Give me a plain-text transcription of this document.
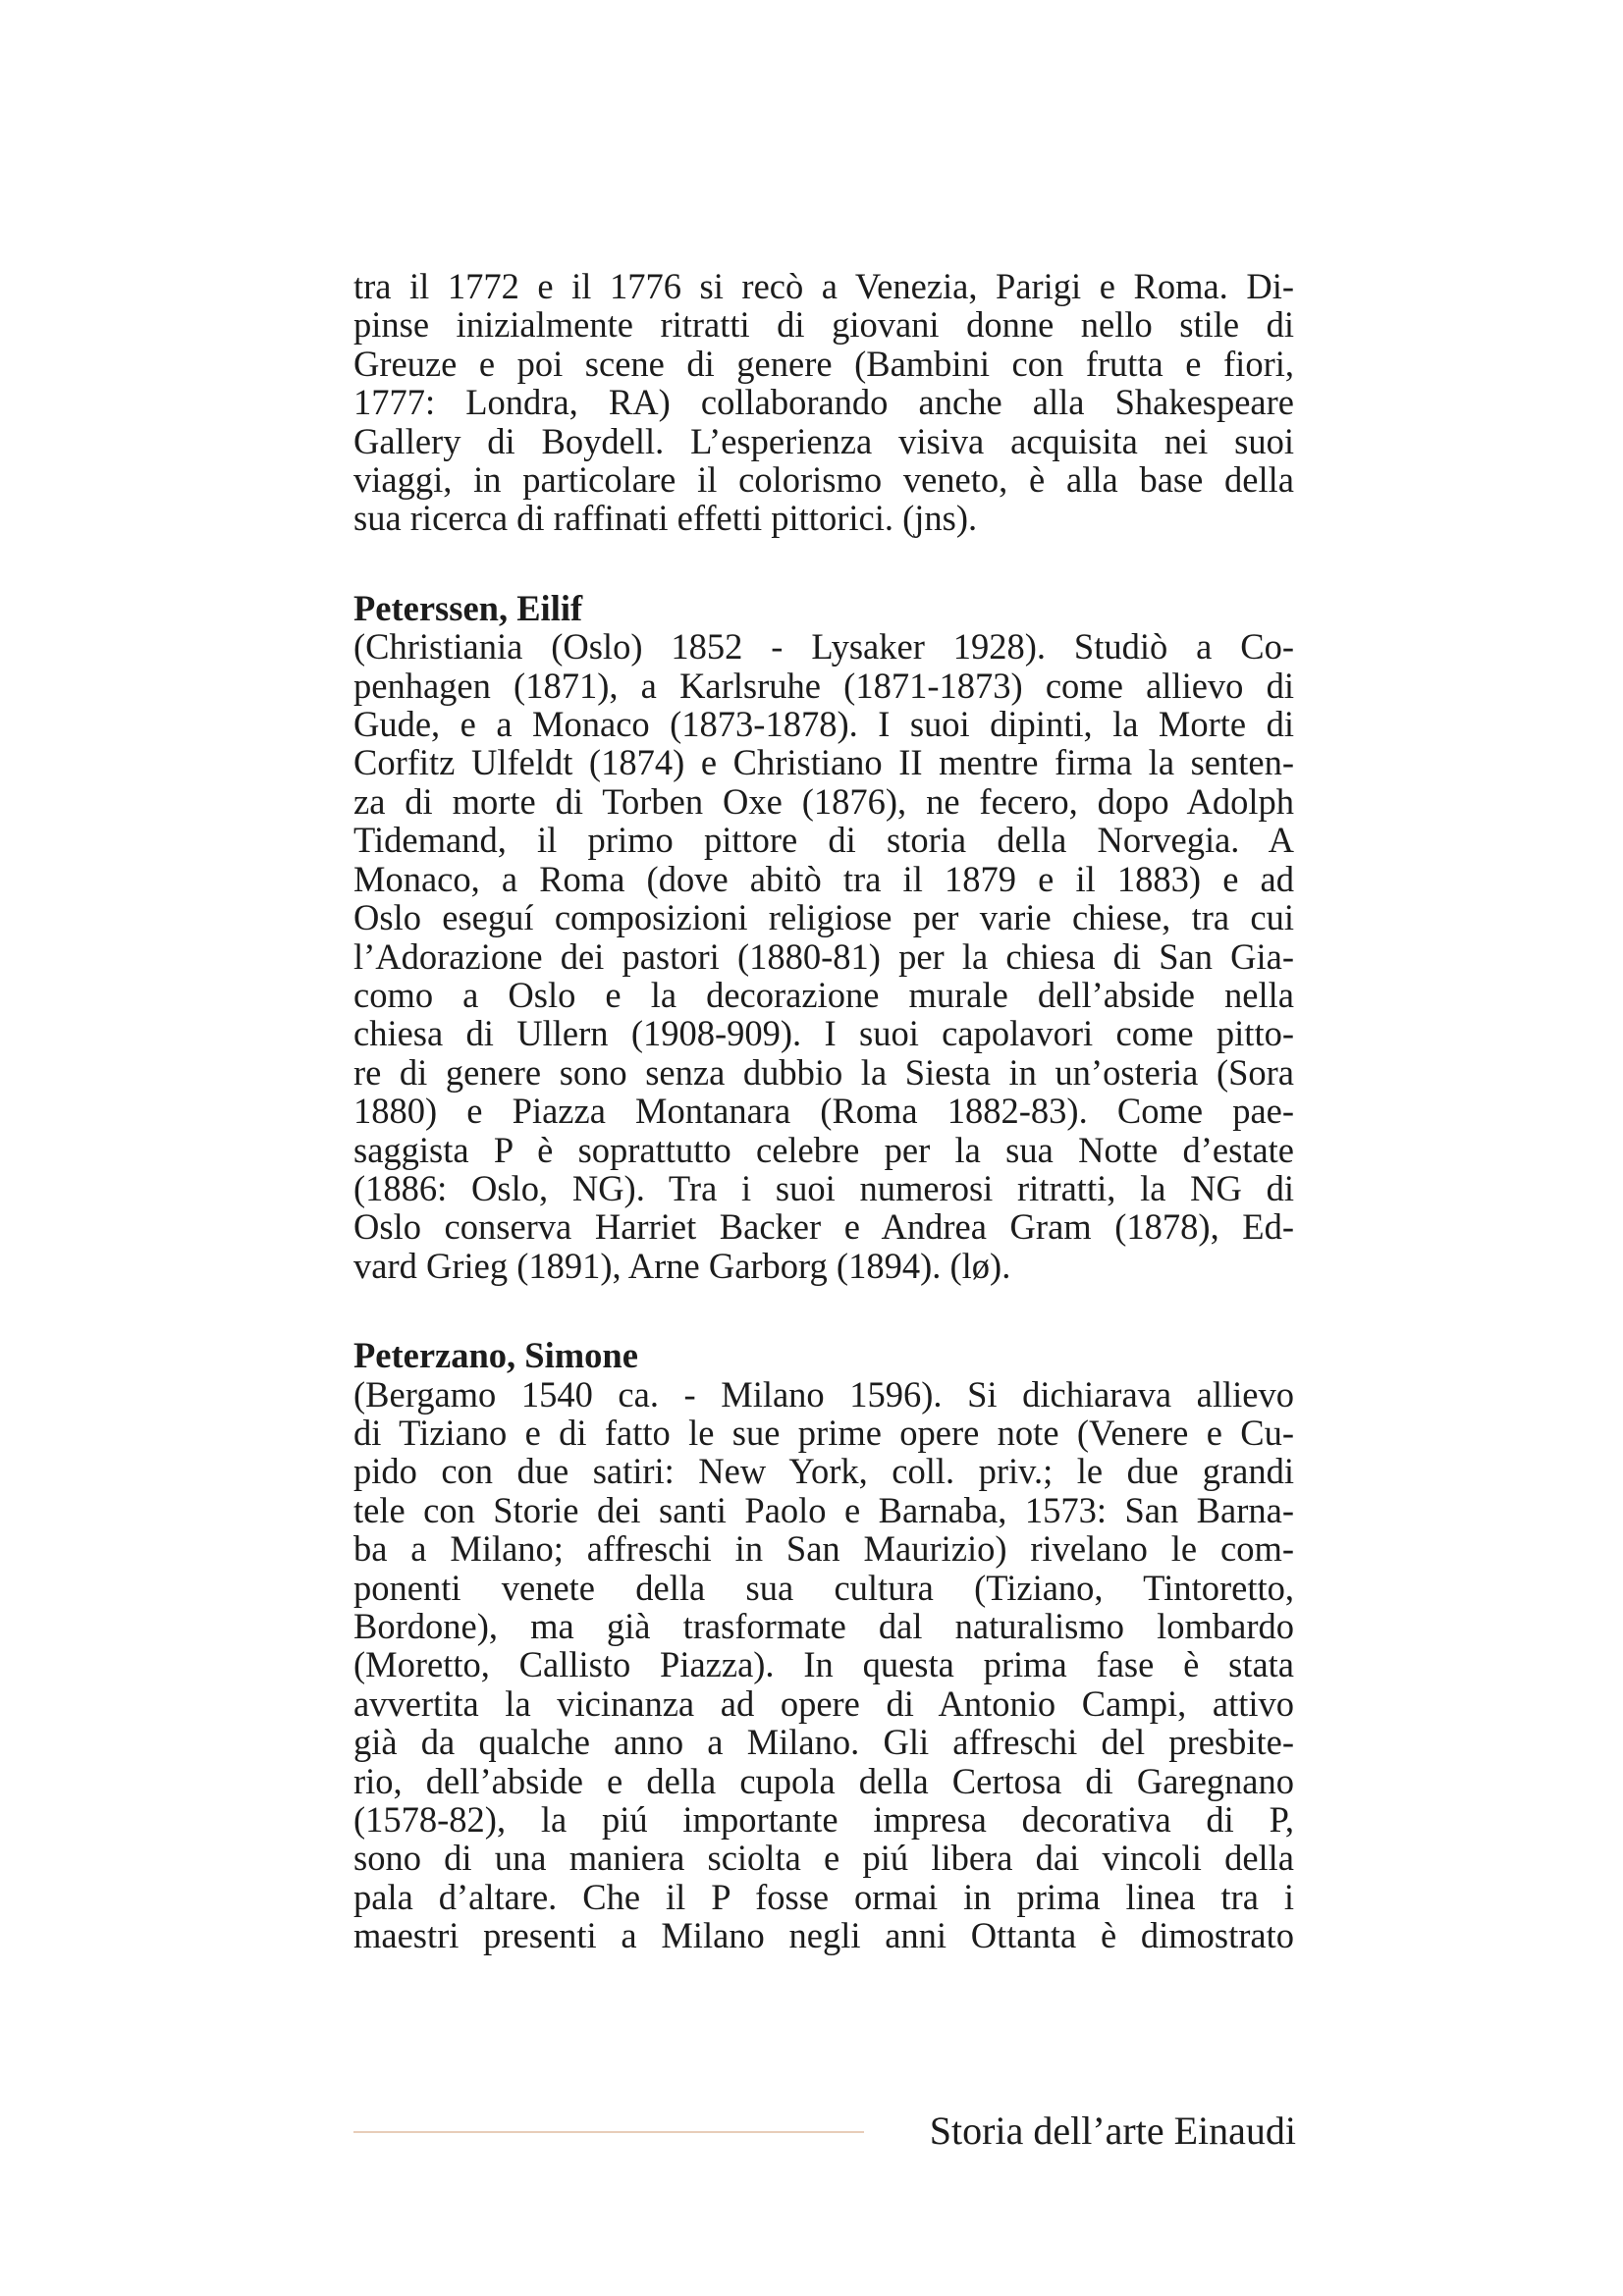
tra il 1772 e il 1776 si recò a Venezia, Parigi e Roma. Di-
pinse inizialmente ritratti di giovani donne nello stile di
Greuze e poi scene di genere (Bambini con frutta e fiori,
1777: Londra, RA) collaborando anche alla Shakespeare
Gallery di Boydell. L’esperienza visiva acquisita nei suoi
viaggi, in particolare il colorismo veneto, è alla base della
sua ricerca di raffinati effetti pittorici. (jns).
Peterssen, Eilif
(Christiania (Oslo) 1852 - Lysaker 1928). Studiò a Co-
penhagen (1871), a Karlsruhe (1871-1873) come allievo di
Gude, e a Monaco (1873-1878). I suoi dipinti, la Morte di
Corfitz Ulfeldt (1874) e Christiano II mentre firma la senten-
za di morte di Torben Oxe (1876), ne fecero, dopo Adolph
Tidemand, il primo pittore di storia della Norvegia. A
Monaco, a Roma (dove abitò tra il 1879 e il 1883) e ad
Oslo eseguí composizioni religiose per varie chiese, tra cui
l’Adorazione dei pastori (1880-81) per la chiesa di San Gia-
como a Oslo e la decorazione murale dell’abside nella
chiesa di Ullern (1908-909). I suoi capolavori come pitto-
re di genere sono senza dubbio la Siesta in un’osteria (Sora
1880) e Piazza Montanara (Roma 1882-83). Come pae-
saggista P è soprattutto celebre per la sua Notte d’estate
(1886: Oslo, NG). Tra i suoi numerosi ritratti, la NG di
Oslo conserva Harriet Backer e Andrea Gram (1878), Ed-
vard Grieg (1891), Arne Garborg (1894). (lø).
Peterzano, Simone
(Bergamo 1540 ca. - Milano 1596). Si dichiarava allievo
di Tiziano e di fatto le sue prime opere note (Venere e Cu-
pido con due satiri: New York, coll. priv.; le due grandi
tele con Storie dei santi Paolo e Barnaba, 1573: San Barna-
ba a Milano; affreschi in San Maurizio) rivelano le com-
ponenti venete della sua cultura (Tiziano, Tintoretto,
Bordone), ma già trasformate dal naturalismo lombardo
(Moretto, Callisto Piazza). In questa prima fase è stata
avvertita la vicinanza ad opere di Antonio Campi, attivo
già da qualche anno a Milano. Gli affreschi del presbite-
rio, dell’abside e della cupola della Certosa di Garegnano
(1578-82), la piú importante impresa decorativa di P,
sono di una maniera sciolta e piú libera dai vincoli della
pala d’altare. Che il P fosse ormai in prima linea tra i
maestri presenti a Milano negli anni Ottanta è dimostrato
Storia dell’arte Einaudi
